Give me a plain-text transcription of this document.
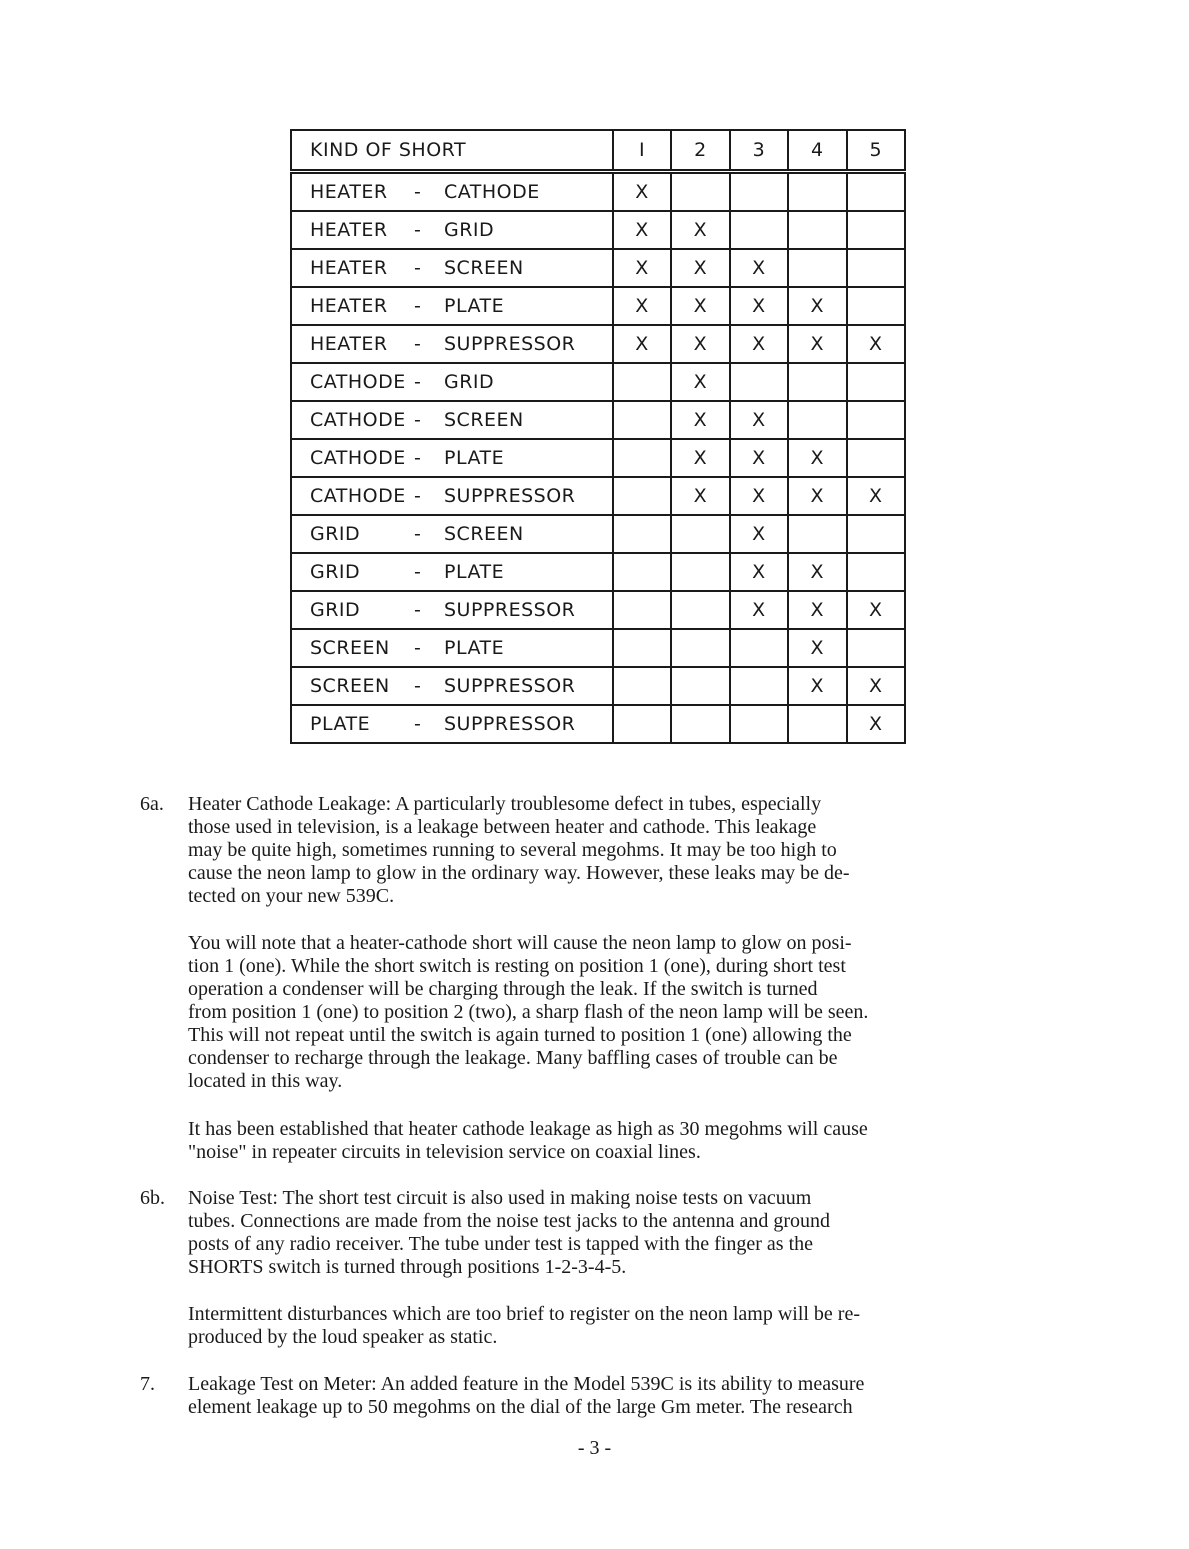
KIND OF SHORT	I	2	3	4	5
HEATER - CATHODE	X				
HEATER - GRID	X	X			
HEATER - SCREEN	X	X	X		
HEATER - PLATE	X	X	X	X	
HEATER - SUPPRESSOR	X	X	X	X	X
CATHODE - GRID		X			
CATHODE - SCREEN		X	X		
CATHODE - PLATE		X	X	X	
CATHODE - SUPPRESSOR		X	X	X	X
GRID - SCREEN			X		
GRID - PLATE			X	X	
GRID - SUPPRESSOR			X	X	X
SCREEN - PLATE				X	
SCREEN - SUPPRESSOR				X	X
PLATE - SUPPRESSOR					X
6a. Heater Cathode Leakage: A particularly troublesome defect in tubes, especially
those used in television, is a leakage between heater and cathode. This leakage
may be quite high, sometimes running to several megohms. It may be too high to
cause the neon lamp to glow in the ordinary way. However, these leaks may be de-
tected on your new 539C.
You will note that a heater-cathode short will cause the neon lamp to glow on posi-
tion 1 (one). While the short switch is resting on position 1 (one), during short test
operation a condenser will be charging through the leak. If the switch is turned
from position 1 (one) to position 2 (two), a sharp flash of the neon lamp will be seen.
This will not repeat until the switch is again turned to position 1 (one) allowing the
condenser to recharge through the leakage. Many baffling cases of trouble can be
located in this way.
It has been established that heater cathode leakage as high as 30 megohms will cause
"noise" in repeater circuits in television service on coaxial lines.
6b. Noise Test: The short test circuit is also used in making noise tests on vacuum
tubes. Connections are made from the noise test jacks to the antenna and ground
posts of any radio receiver. The tube under test is tapped with the finger as the
SHORTS switch is turned through positions 1-2-3-4-5.
Intermittent disturbances which are too brief to register on the neon lamp will be re-
produced by the loud speaker as static.
7. Leakage Test on Meter: An added feature in the Model 539C is its ability to measure
element leakage up to 50 megohms on the dial of the large Gm meter. The research
- 3 -
